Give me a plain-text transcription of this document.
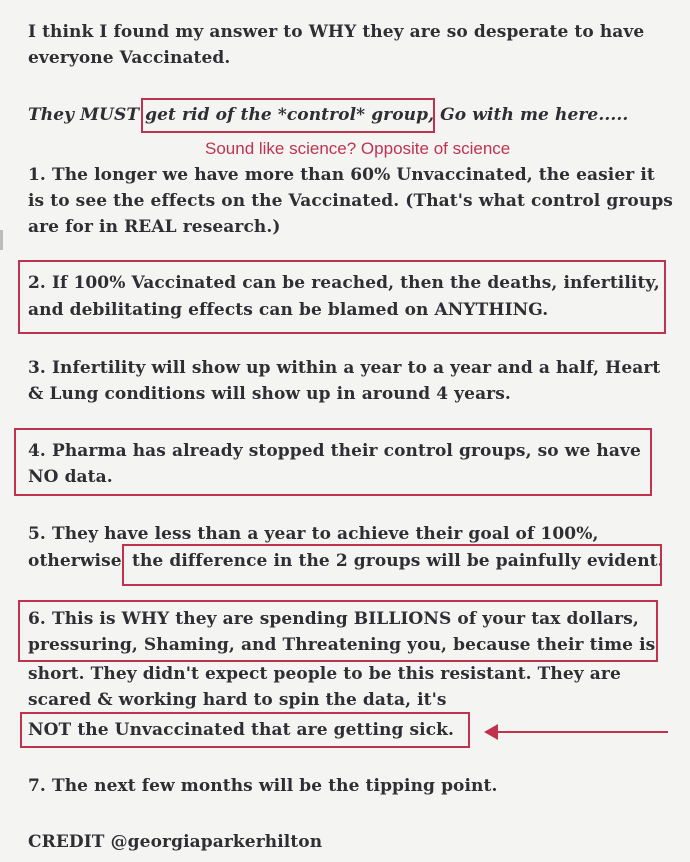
I think I found my answer to WHY they are so desperate to have
everyone Vaccinated.
They MUST get rid of the *control* group, Go with me here.....
Sound like science? Opposite of science
1. The longer we have more than 60% Unvaccinated, the easier it
is to see the effects on the Vaccinated. (That's what control groups
are for in REAL research.)
2. If 100% Vaccinated can be reached, then the deaths, infertility,
and debilitating effects can be blamed on ANYTHING.
3. Infertility will show up within a year to a year and a half, Heart
& Lung conditions will show up in around 4 years.
4. Pharma has already stopped their control groups, so we have
NO data.
5. They have less than a year to achieve their goal of 100%,
otherwise the difference in the 2 groups will be painfully evident.
6. This is WHY they are spending BILLIONS of your tax dollars,
pressuring, Shaming, and Threatening you, because their time is
short. They didn't expect people to be this resistant. They are
scared & working hard to spin the data, it's
NOT the Unvaccinated that are getting sick.
7. The next few months will be the tipping point.
CREDIT @georgiaparkerhilton
